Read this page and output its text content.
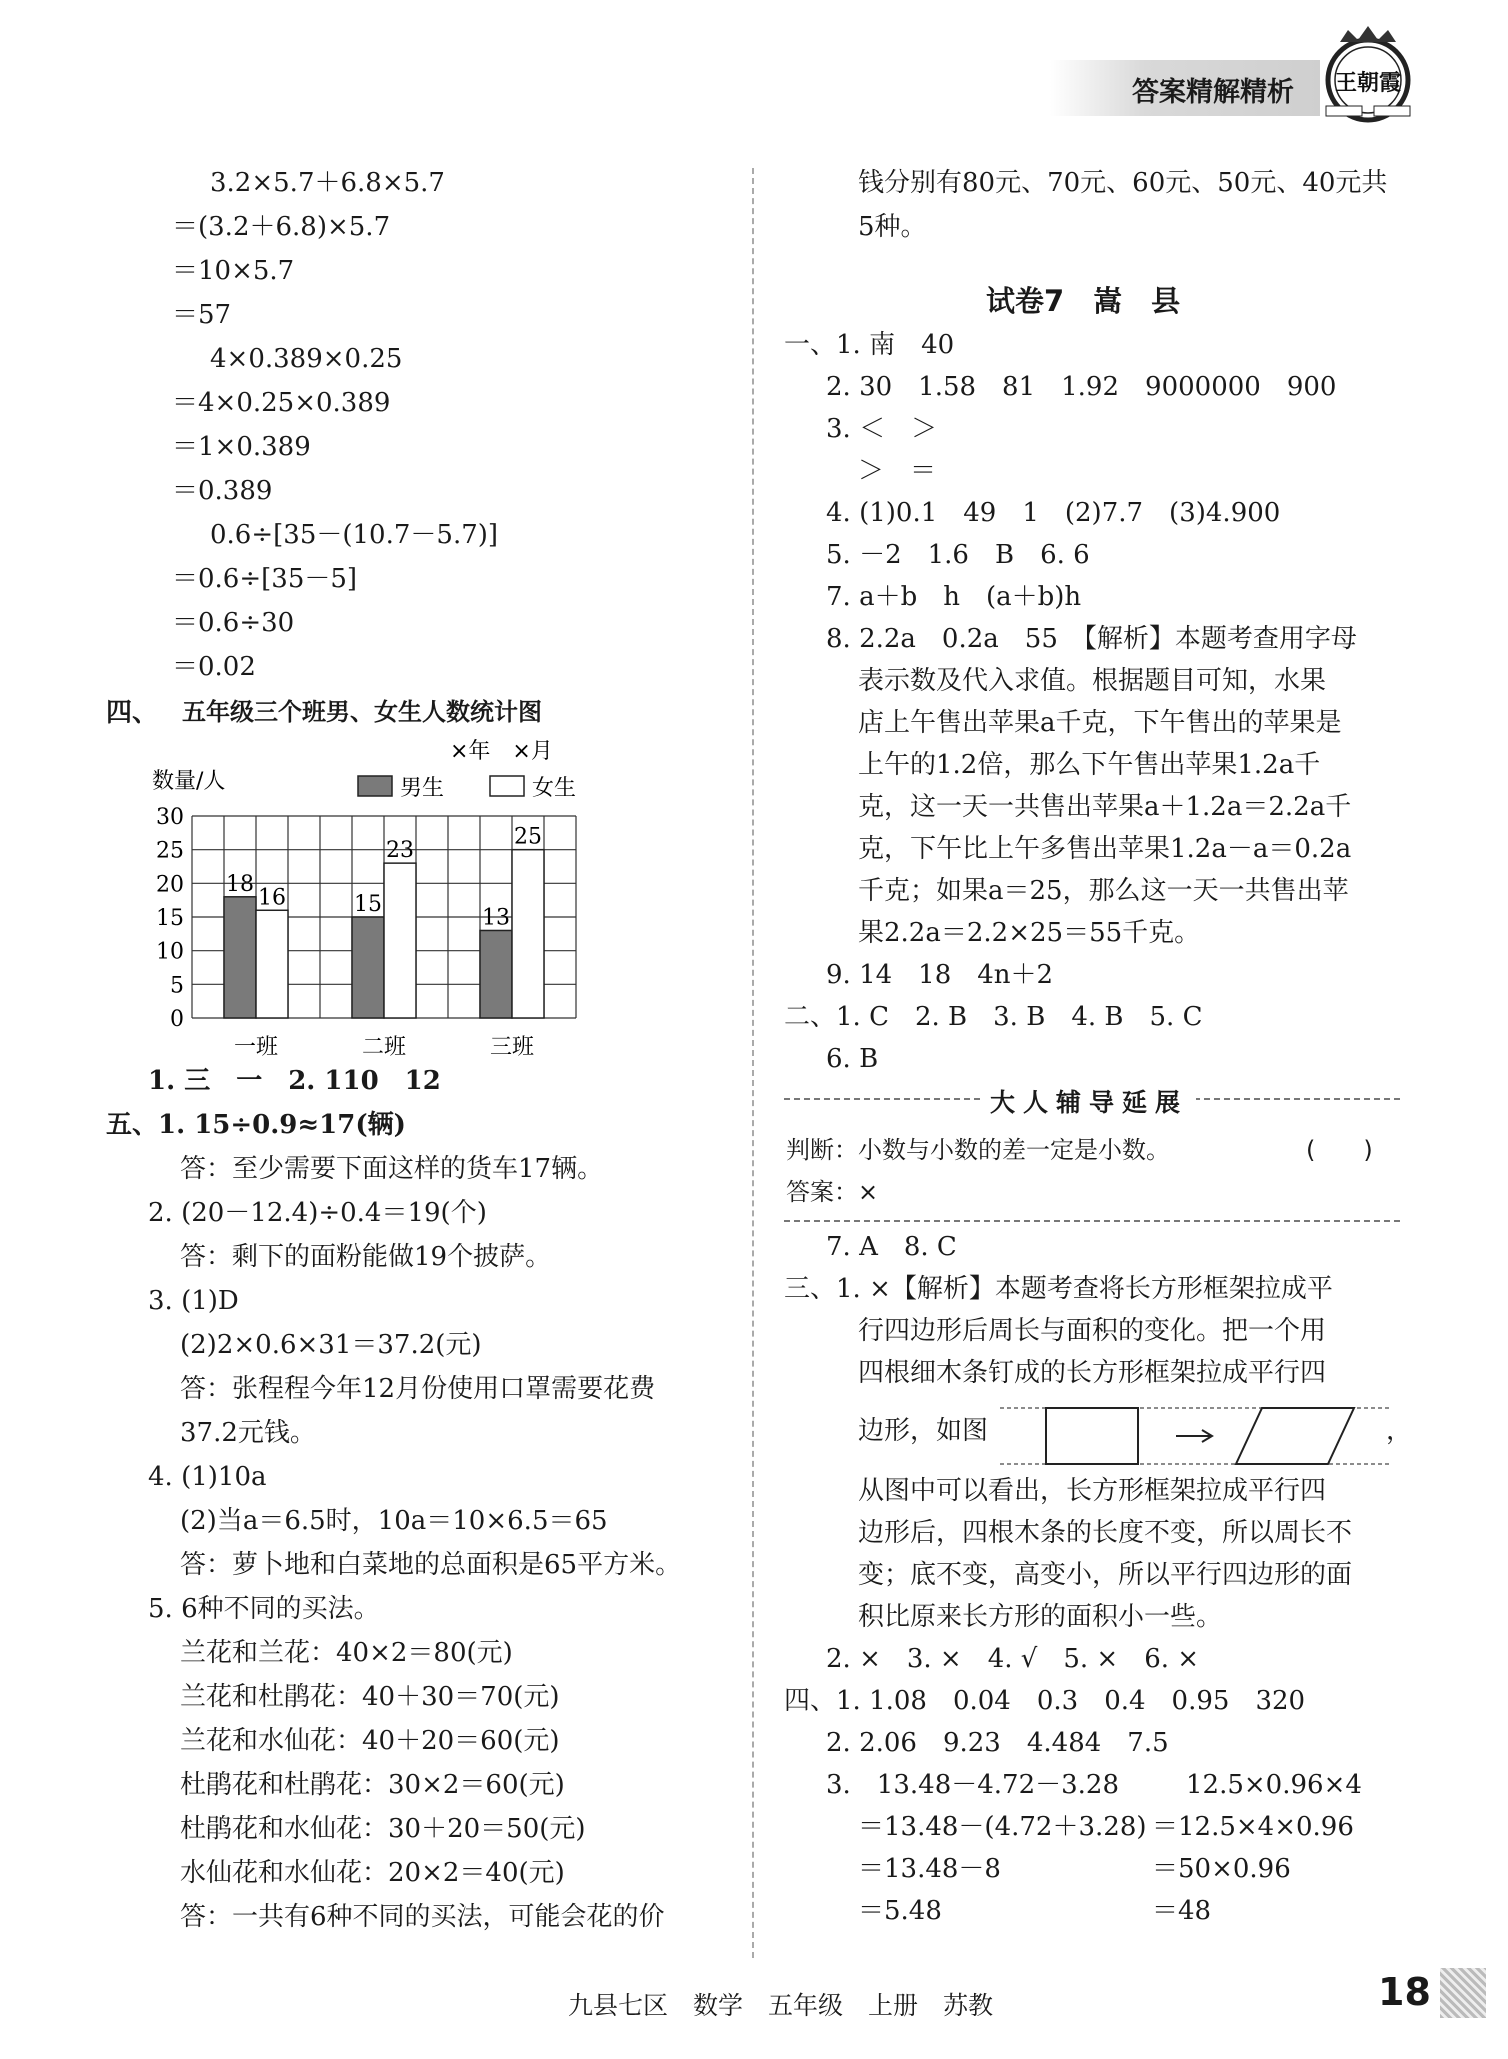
答案精解精析 王朝霞
3.2×5.7＋6.8×5.7
＝(3.2＋6.8)×5.7
＝10×5.7
＝57
4×0.389×0.25
＝4×0.25×0.389
＝1×0.389
＝0.389
0.6÷[35－(10.7－5.7)]
＝0.6÷[35－5]
＝0.6÷30
＝0.02
四、 五年级三个班男、女生人数统计图
×年　×月
数量/人
0
5
10
15
20
25
30
18
16
一班
15
23
二班
13
25
三班
男生	女生
1. 三　一　2. 110　12
五、1. 15÷0.9≈17(辆)
答：至少需要下面这样的货车17辆。
2. (20－12.4)÷0.4＝19(个)
答：剩下的面粉能做19个披萨。
3. (1)D
(2)2×0.6×31＝37.2(元)
答：张程程今年12月份使用口罩需要花费
37.2元钱。
4. (1)10a
(2)当a＝6.5时，10a＝10×6.5＝65
答：萝卜地和白菜地的总面积是65平方米。
5. 6种不同的买法。
兰花和兰花：40×2＝80(元)
兰花和杜鹃花：40＋30＝70(元)
兰花和水仙花：40＋20＝60(元)
杜鹃花和杜鹃花：30×2＝60(元)
杜鹃花和水仙花：30＋20＝50(元)
水仙花和水仙花：20×2＝40(元)
答：一共有6种不同的买法，可能会花的价
钱分别有80元、70元、60元、50元、40元共
5种。
试卷7　嵩　县
一、1. 南　40
2. 30　1.58　81　1.92　9000000　900
3. ＜　＞
＞　＝
4. (1)0.1　49　1　(2)7.7　(3)4.900
5. －2　1.6　B　6. 6
7. a＋b　h　(a＋b)h
8. 2.2a　0.2a　55　【解析】本题考查用字母
表示数及代入求值。根据题目可知，水果
店上午售出苹果a千克，下午售出的苹果是
上午的1.2倍，那么下午售出苹果1.2a千
克，这一天一共售出苹果a＋1.2a＝2.2a千
克，下午比上午多售出苹果1.2a－a＝0.2a
千克；如果a＝25，那么这一天一共售出苹
果2.2a＝2.2×25＝55千克。
9. 14　18　4n＋2
二、1. C　2. B　3. B　4. B　5. C
6. B
大人辅导延展
判断：小数与小数的差一定是小数。	(　　)
答案：×
7. A　8. C
三、1. ×【解析】本题考查将长方形框架拉成平
行四边形后周长与面积的变化。把一个用
四根细木条钉成的长方形框架拉成平行四
边形，如图	，
从图中可以看出，长方形框架拉成平行四
边形后，四根木条的长度不变，所以周长不
变；底不变，高变小，所以平行四边形的面
积比原来长方形的面积小一些。
2. ×　3. ×　4. √　5. ×　6. ×
四、1. 1.08　0.04　0.3　0.4　0.95　320
2. 2.06　9.23　4.484　7.5
3.　13.48－4.72－3.28
＝13.48－(4.72＋3.28)
＝13.48－8
＝5.48
12.5×0.96×4
＝12.5×4×0.96
＝50×0.96
＝48
九县七区　数学　五年级　上册　苏教	18
